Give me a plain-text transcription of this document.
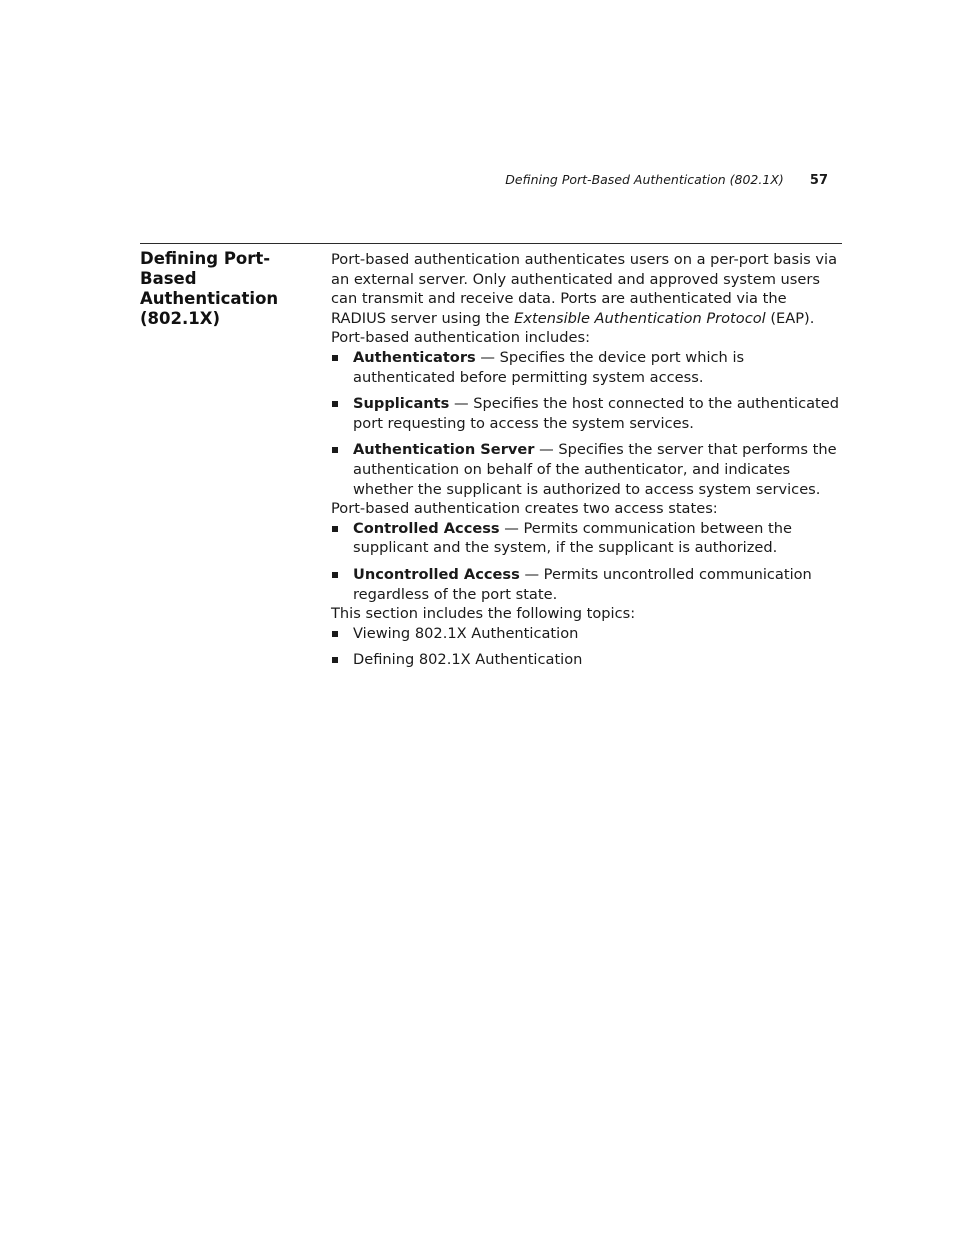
Defining Port-Based Authentication (802.1X) 57
Defining Port-Based
Authentication
(802.1X)

Port-based authentication authenticates users on a per-port basis via an external server. Only authenticated and approved system users can transmit and receive data. Ports are authenticated via the RADIUS server using the Extensible Authentication Protocol (EAP). Port-based authentication includes:

Authenticators — Specifies the device port which is authenticated before permitting system access.
Supplicants — Specifies the host connected to the authenticated port requesting to access the system services.
Authentication Server — Specifies the server that performs the authentication on behalf of the authenticator, and indicates whether the supplicant is authorized to access system services.

Port-based authentication creates two access states:

Controlled Access — Permits communication between the supplicant and the system, if the supplicant is authorized.
Uncontrolled Access — Permits uncontrolled communication regardless of the port state.

This section includes the following topics:

Viewing 802.1X Authentication
Defining 802.1X Authentication
